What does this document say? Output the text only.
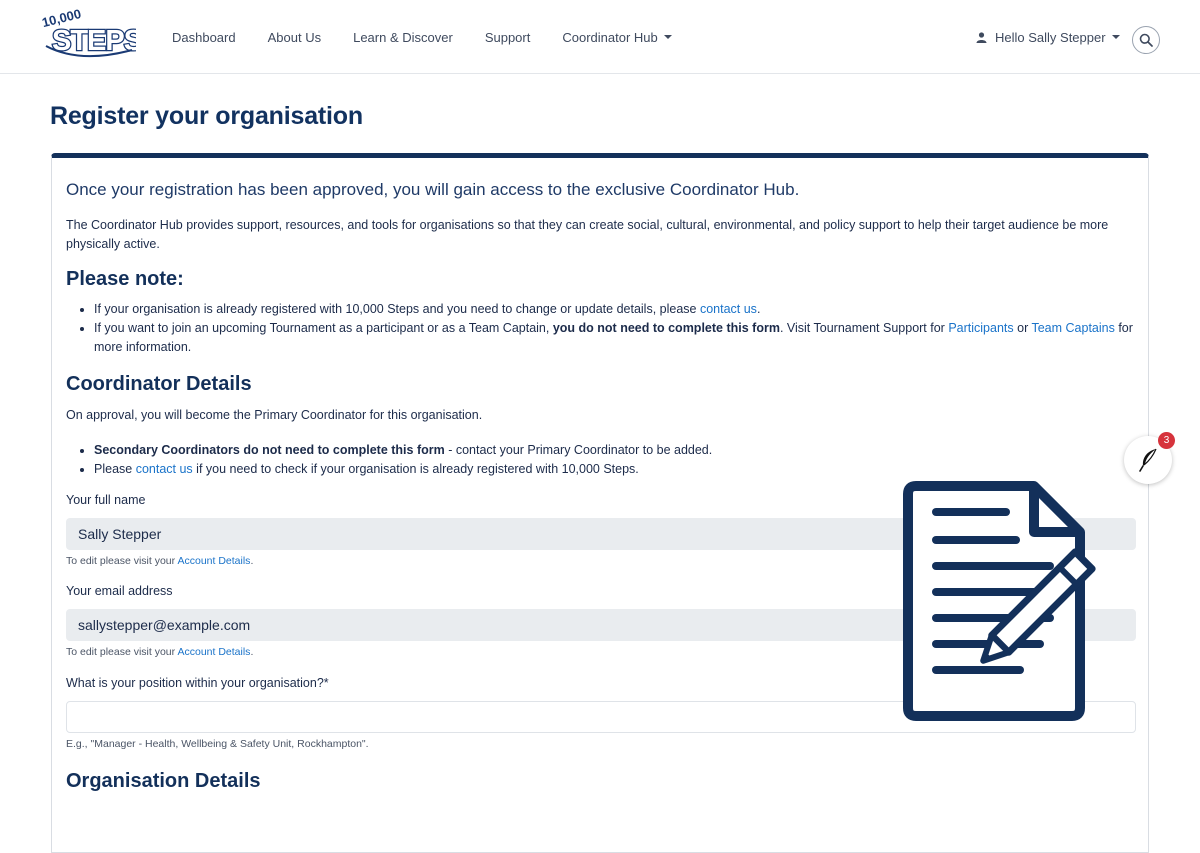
10,000
STEPS Dashboard About Us Learn & Discover Support Coordinator Hub	Hello Sally Stepper
Register your organisation

Once your registration has been approved, you will gain access to the exclusive Coordinator Hub.

The Coordinator Hub provides support, resources, and tools for organisations so that they can create social, cultural, environmental, and policy support to help their target audience be more physically active.

Please note:
• If your organisation is already registered with 10,000 Steps and you need to change or update details, please contact us.
• If you want to join an upcoming Tournament as a participant or as a Team Captain, you do not need to complete this form. Visit Tournament Support for Participants or Team Captains for more information.
Coordinator Details

On approval, you will become the Primary Coordinator for this organisation.

• Secondary Coordinators do not need to complete this form - contact your Primary Coordinator to be added.
• Please contact us if you need to check if your organisation is already registered with 10,000 Steps.
Your full name
Sally Stepper
To edit please visit your Account Details.
Your email address
sallystepper@example.com
To edit please visit your Account Details.
What is your position within your organisation?*
E.g., "Manager - Health, Wellbeing & Safety Unit, Rockhampton".
Organisation Details
3
